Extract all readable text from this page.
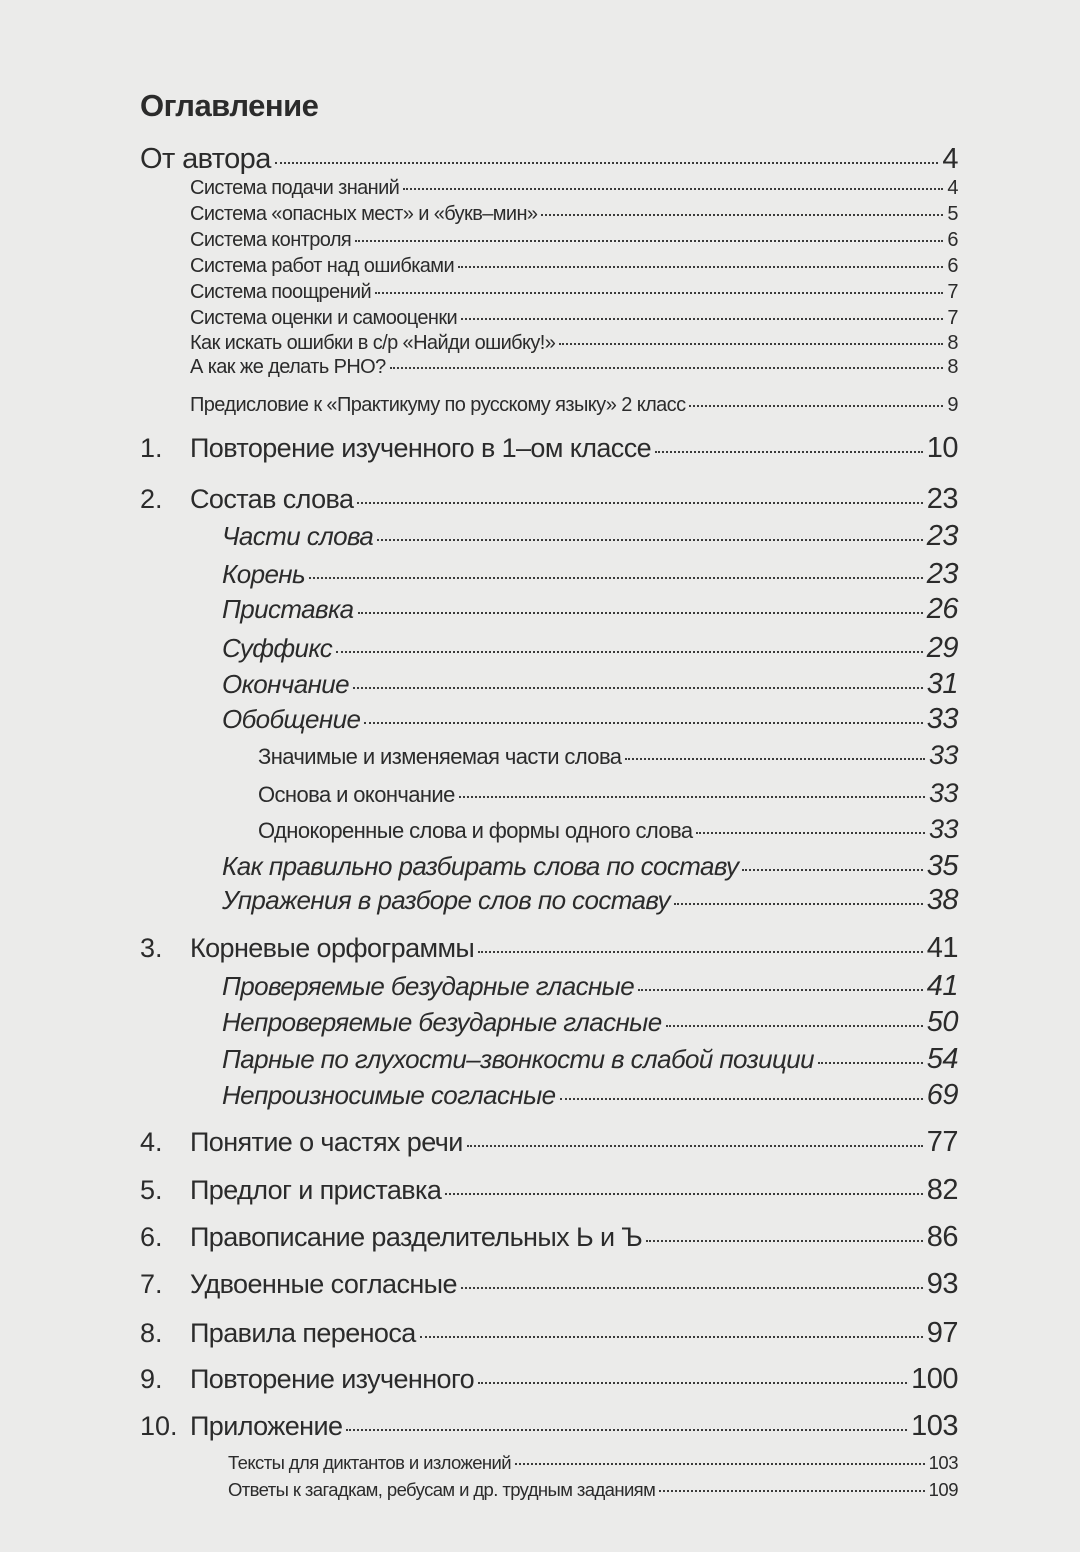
Оглавление
От автора	4
Система подачи знаний	4
Система «опасных мест» и «букв–мин»	5
Система контроля	6
Система работ над ошибками	6
Система поощрений	7
Система оценки и самооценки	7
Как искать ошибки в с/р «Найди ошибку!»	8
А как же делать РНО?	8
Предисловие к «Практикуму по русскому языку» 2 класс	9
1.	Повторение изученного в 1–ом классе	10
2.	Состав слова	23
Части слова	23
Корень	23
Приставка	26
Суффикс	29
Окончание	31
Обобщение	33
Значимые и изменяемая части слова	33
Основа и окончание	33
Однокоренные слова и формы одного слова	33
Как правильно разбирать слова по составу	35
Упражения в разборе слов по составу	38
3.	Корневые орфограммы	41
Проверяемые безударные гласные	41
Непроверяемые безударные гласные	50
Парные по глухости–звонкости в слабой позиции	54
Непроизносимые согласные	69
4.	Понятие о частях речи	77
5.	Предлог и приставка	82
6.	Правописание разделительных Ь и Ъ	86
7.	Удвоенные согласные	93
8.	Правила переноса	97
9.	Повторение изученного	100
10. Приложение	103
Тексты для диктантов и изложений	103
Ответы к загадкам, ребусам и др. трудным заданиям	109
